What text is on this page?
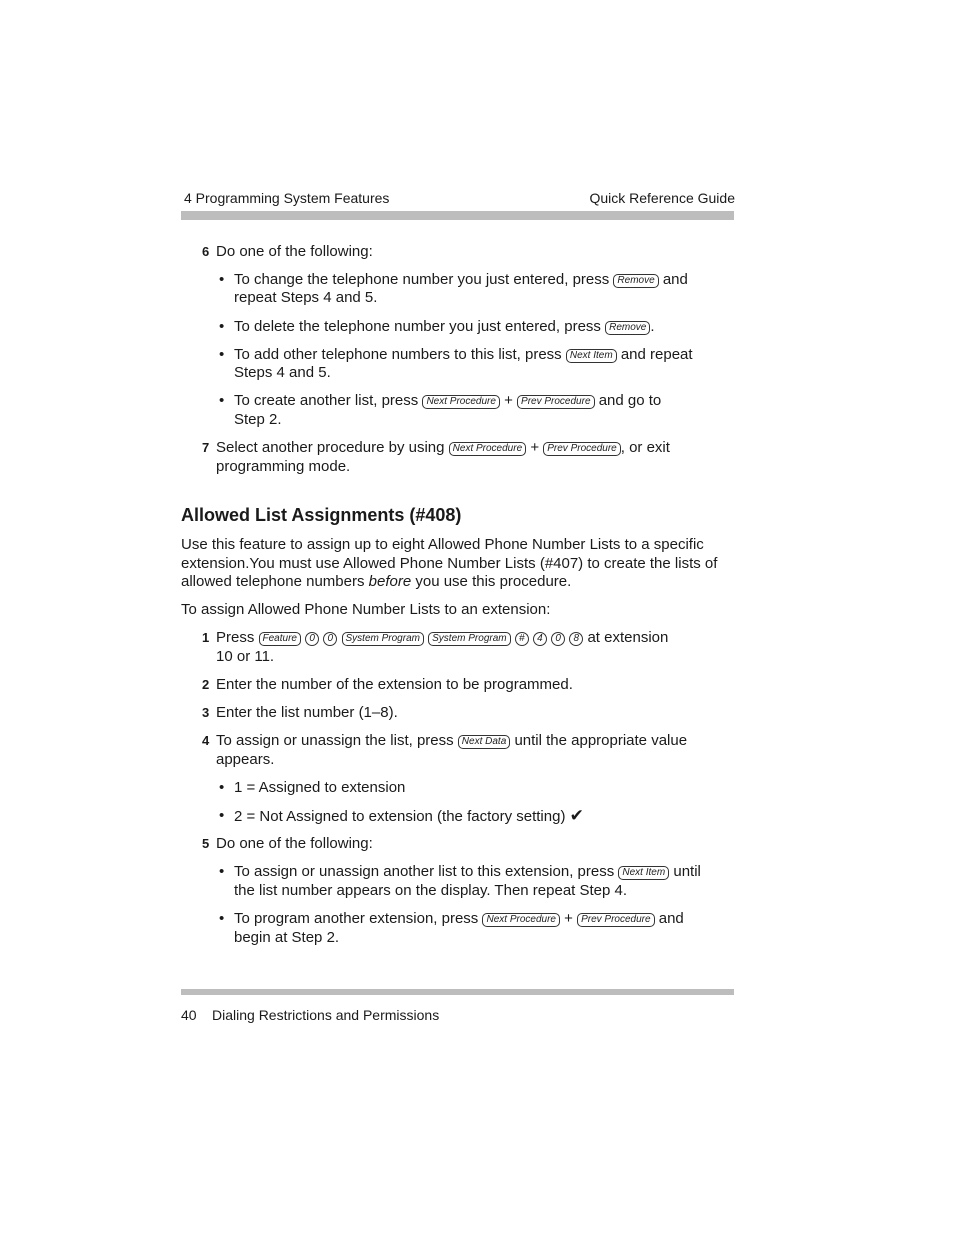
4 Programming System Features	Quick Reference Guide
6 Do one of the following:
• To change the telephone number you just entered, press Remove and
repeat Steps 4 and 5.
• To delete the telephone number you just entered, press Remove .
• To add other telephone numbers to this list, press Next Item and repeat
Steps 4 and 5.
• To create another list, press Next Procedure + Prev Procedure and go to
Step 2.
7 Select another procedure by using Next Procedure + Prev Procedure , or exit
programming mode.
Allowed List Assignments (#408)
Use this feature to assign up to eight Allowed Phone Number Lists to a specific
extension.You must use Allowed Phone Number Lists (#407) to create the lists of
allowed telephone numbers before you use this procedure.
To assign Allowed Phone Number Lists to an extension:
1 Press Feature 0 0 System Program System Program # 4 0 8 at extension
10 or 11.
2 Enter the number of the extension to be programmed.
3 Enter the list number (1–8).
4 To assign or unassign the list, press Next Data until the appropriate value
appears.
• 1 = Assigned to extension
• 2 = Not Assigned to extension (the factory setting) ✔
5 Do one of the following:
• To assign or unassign another list to this extension, press Next Item until
the list number appears on the display. Then repeat Step 4.
• To program another extension, press Next Procedure + Prev Procedure and
begin at Step 2.
40 Dialing Restrictions and Permissions
